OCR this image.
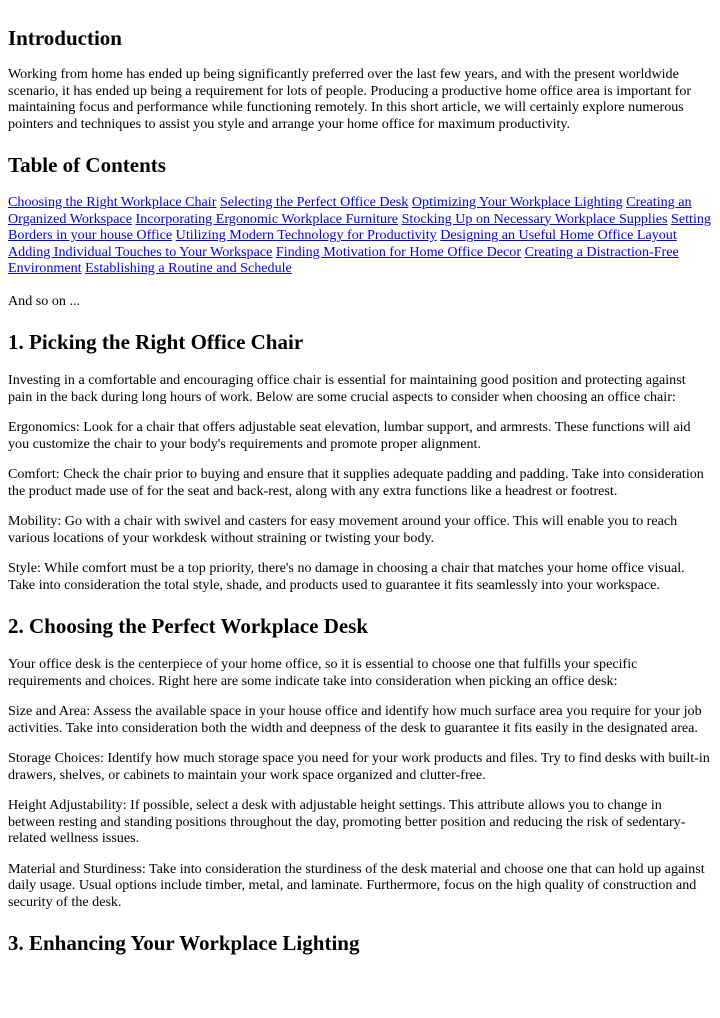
Introduction

Working from home has ended up being significantly preferred over the last few years, and with the present worldwide scenario, it has ended up being a requirement for lots of people. Producing a productive home office area is important for maintaining focus and performance while functioning remotely. In this short article, we will certainly explore numerous pointers and techniques to assist you style and arrange your home office for maximum productivity.

Table of Contents

Choosing the Right Workplace Chair Selecting the Perfect Office Desk Optimizing Your Workplace Lighting Creating an Organized Workspace Incorporating Ergonomic Workplace Furniture Stocking Up on Necessary Workplace Supplies Setting Borders in your house Office Utilizing Modern Technology for Productivity Designing an Useful Home Office Layout Adding Individual Touches to Your Workspace Finding Motivation for Home Office Decor Creating a Distraction-Free Environment Establishing a Routine and Schedule

And so on ...

1. Picking the Right Office Chair

Investing in a comfortable and encouraging office chair is essential for maintaining good position and protecting against pain in the back during long hours of work. Below are some crucial aspects to consider when choosing an office chair:

Ergonomics: Look for a chair that offers adjustable seat elevation, lumbar support, and armrests. These functions will aid you customize the chair to your body's requirements and promote proper alignment.

Comfort: Check the chair prior to buying and ensure that it supplies adequate padding and padding. Take into consideration the product made use of for the seat and back-rest, along with any extra functions like a headrest or footrest.

Mobility: Go with a chair with swivel and casters for easy movement around your office. This will enable you to reach various locations of your workdesk without straining or twisting your body.

Style: While comfort must be a top priority, there's no damage in choosing a chair that matches your home office visual. Take into consideration the total style, shade, and products used to guarantee it fits seamlessly into your workspace.

2. Choosing the Perfect Workplace Desk

Your office desk is the centerpiece of your home office, so it is essential to choose one that fulfills your specific requirements and choices. Right here are some indicate take into consideration when picking an office desk:

Size and Area: Assess the available space in your house office and identify how much surface area you require for your job activities. Take into consideration both the width and deepness of the desk to guarantee it fits easily in the designated area.

Storage Choices: Identify how much storage space you need for your work products and files. Try to find desks with built-in drawers, shelves, or cabinets to maintain your work space organized and clutter-free.

Height Adjustability: If possible, select a desk with adjustable height settings. This attribute allows you to change in between resting and standing positions throughout the day, promoting better position and reducing the risk of sedentary-related wellness issues.

Material and Sturdiness: Take into consideration the sturdiness of the desk material and choose one that can hold up against daily usage. Usual options include timber, metal, and laminate. Furthermore, focus on the high quality of construction and security of the desk.

3. Enhancing Your Workplace Lighting
